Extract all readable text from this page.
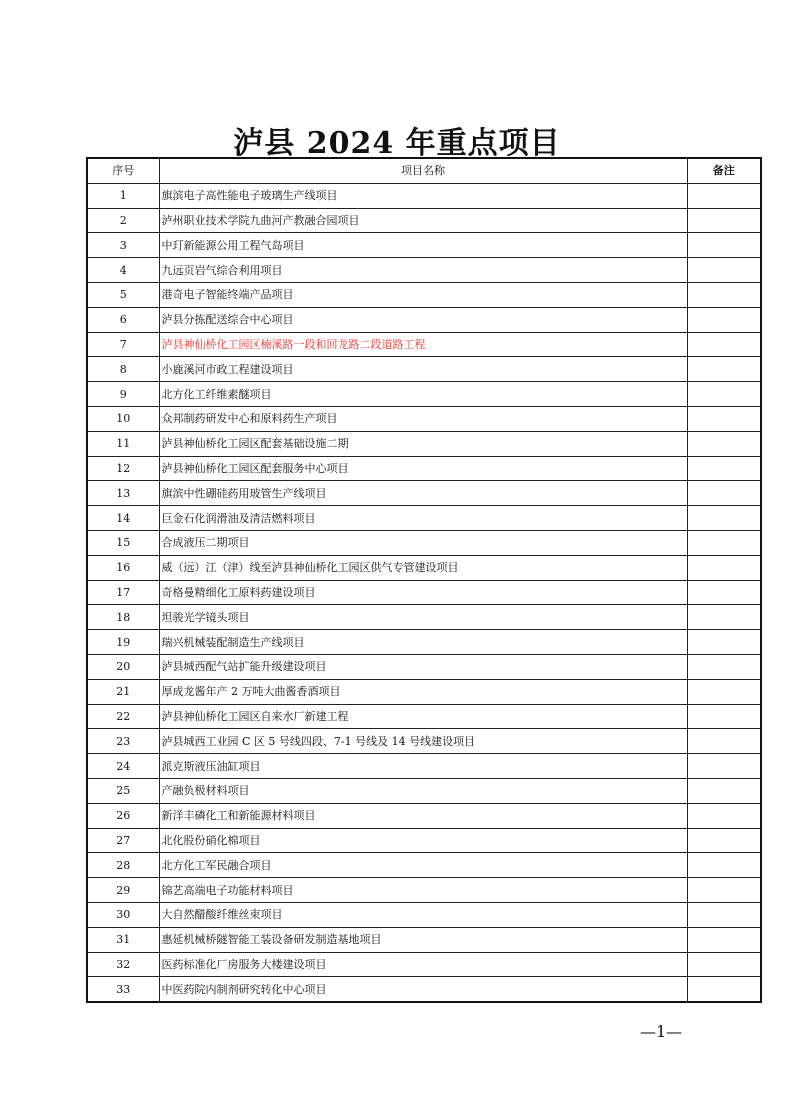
泸县 2024 年重点项目
序号	项目名称	备注
1	旗滨电子高性能电子玻璃生产线项目	
2	泸州职业技术学院九曲河产教融合园项目	
3	中玎新能源公用工程气岛项目	
4	九远页岩气综合利用项目	
5	港奇电子智能终端产品项目	
6	泸县分拣配送综合中心项目	
7	泸县神仙桥化工园区楠溪路一段和回龙路二段道路工程	
8	小鹿溪河市政工程建设项目	
9	北方化工纤维素醚项目	
10	众邦制药研发中心和原料药生产项目	
11	泸县神仙桥化工园区配套基础设施二期	
12	泸县神仙桥化工园区配套服务中心项目	
13	旗滨中性硼硅药用玻管生产线项目	
14	巨金石化润滑油及清洁燃料项目	
15	合成液压二期项目	
16	威（远）江（津）线至泸县神仙桥化工园区供气专管建设项目	
17	奇格曼精细化工原料药建设项目	
18	坦骏光学镜头项目	
19	瑞兴机械装配制造生产线项目	
20	泸县城西配气站扩能升级建设项目	
21	厚成龙酱年产 2 万吨大曲酱香酒项目	
22	泸县神仙桥化工园区自来水厂新建工程	
23	泸县城西工业园 C 区 5 号线四段、7-1 号线及 14 号线建设项目	
24	派克斯液压油缸项目	
25	产融负极材料项目	
26	新洋丰磷化工和新能源材料项目	
27	北化股份硝化棉项目	
28	北方化工军民融合项目	
29	锦艺高端电子功能材料项目	
30	大自然醋酸纤维丝束项目	
31	惠延机械桥隧智能工装设备研发制造基地项目	
32	医药标准化厂房服务大楼建设项目	
33	中医药院内制剂研究转化中心项目	
—1—
